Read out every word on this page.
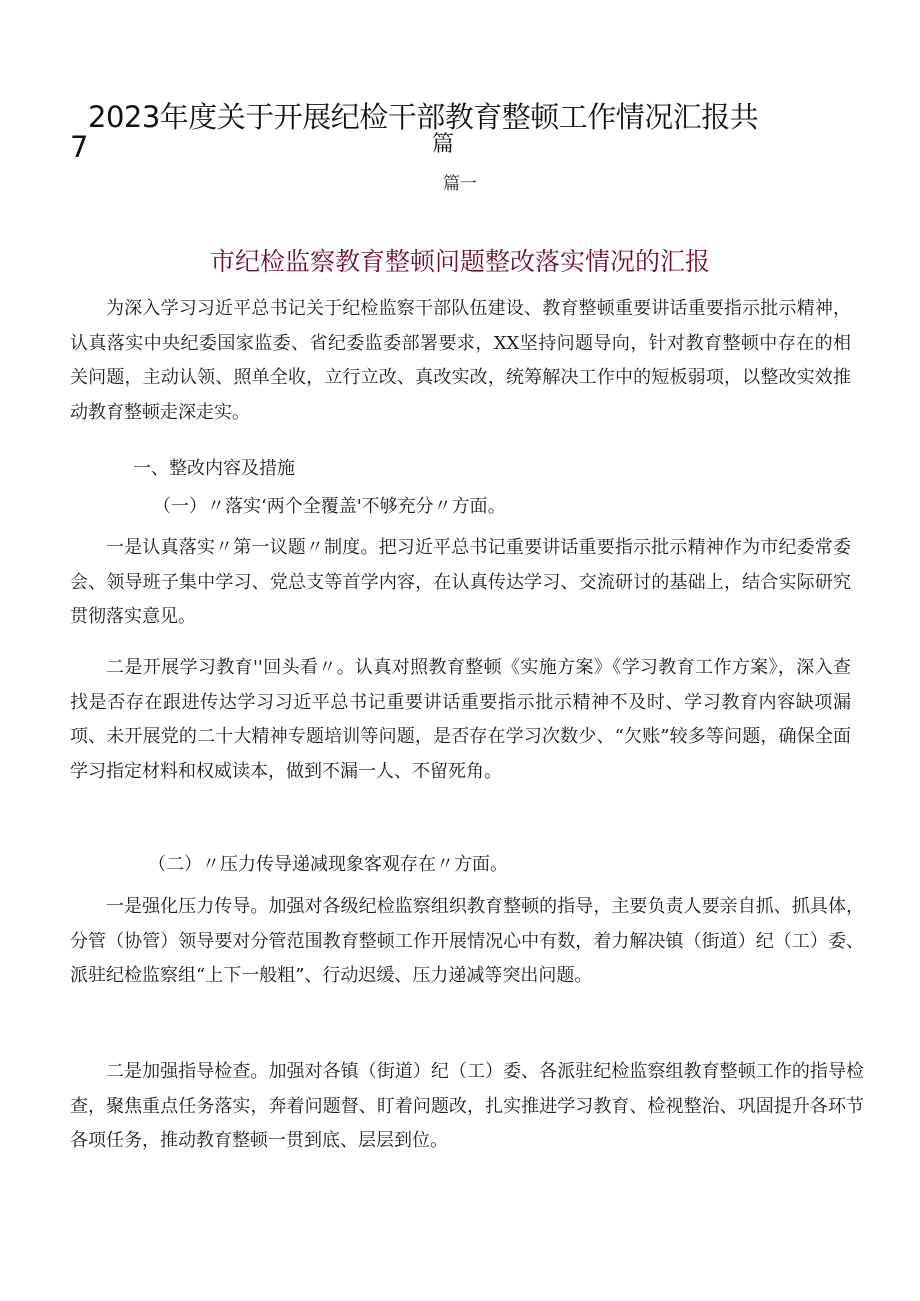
2023年度关于开展纪检干部教育整顿工作情况汇报共
7	篇
篇一
市纪检监察教育整顿问题整改落实情况的汇报

为深入学习习近平总书记关于纪检监察干部队伍建设、教育整顿重要讲话重要指示批示精神，认真落实中央纪委国家监委、省纪委监委部署要求，XX坚持问题导向，针对教育整顿中存在的相关问题，主动认领、照单全收，立行立改、真改实改，统筹解决工作中的短板弱项，以整改实效推动教育整顿走深走实。

一、整改内容及措施

（一）〃落实‘两个全覆盖'不够充分〃方面。

一是认真落实〃第一议题〃制度。把习近平总书记重要讲话重要指示批示精神作为市纪委常委会、领导班子集中学习、党总支等首学内容，在认真传达学习、交流研讨的基础上，结合实际研究贯彻落实意见。

二是开展学习教育''回头看〃。认真对照教育整顿《实施方案》《学习教育工作方案》，深入查找是否存在跟进传达学习习近平总书记重要讲话重要指示批示精神不及时、学习教育内容缺项漏项、未开展党的二十大精神专题培训等问题，是否存在学习次数少、“欠账”较多等问题，确保全面学习指定材料和权威读本，做到不漏一人、不留死角。

（二）〃压力传导递减现象客观存在〃方面。

一是强化压力传导。加强对各级纪检监察组织教育整顿的指导，主要负责人要亲自抓、抓具体，分管（协管）领导要对分管范围教育整顿工作开展情况心中有数，着力解决镇（街道）纪（工）委、派驻纪检监察组“上下一般粗”、行动迟缓、压力递减等突出问题。

二是加强指导检查。加强对各镇（街道）纪（工）委、各派驻纪检监察组教育整顿工作的指导检查，聚焦重点任务落实，奔着问题督、盯着问题改，扎实推进学习教育、检视整治、巩固提升各环节各项任务，推动教育整顿一贯到底、层层到位。
